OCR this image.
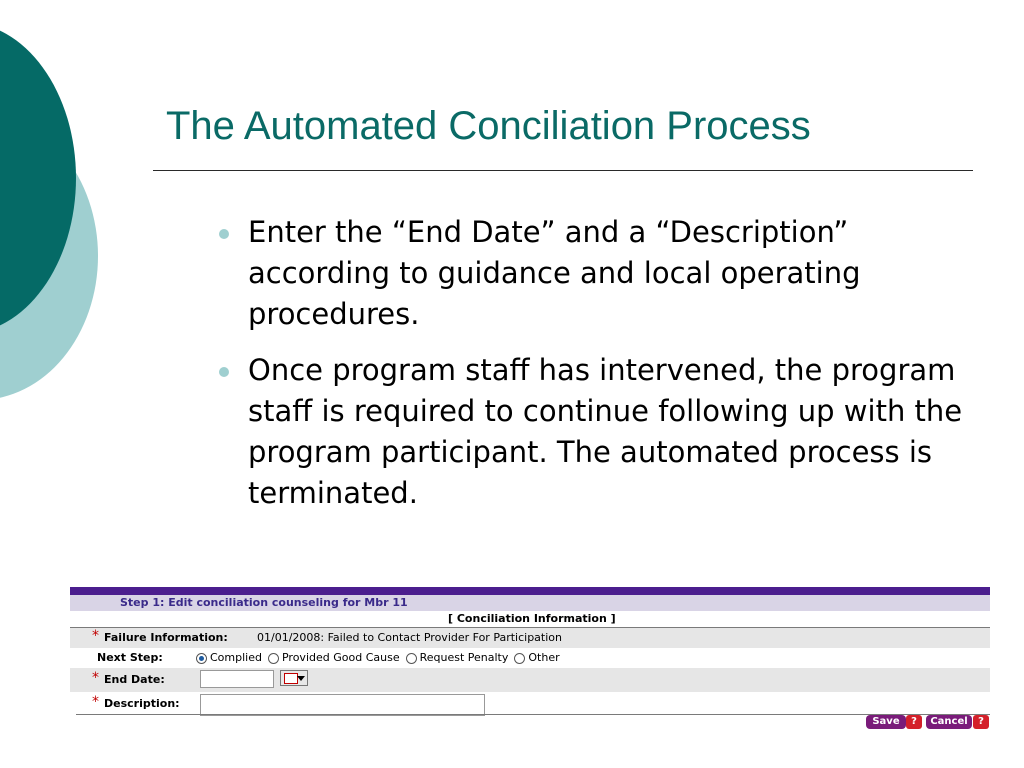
The Automated Conciliation Process
Enter the “End Date” and a “Description” according to guidance and local operating procedures.
Once program staff has intervened, the program staff is required to continue following up with the program participant. The automated process is terminated.
Step 1: Edit conciliation counseling for Mbr 11
[ Conciliation Information ]
* Failure Information:	01/01/2008: Failed to Contact Provider For Participation
Next Step:	Complied Provided Good Cause Request Penalty Other
* End Date:
* Description:
Save	?	Cancel	?
